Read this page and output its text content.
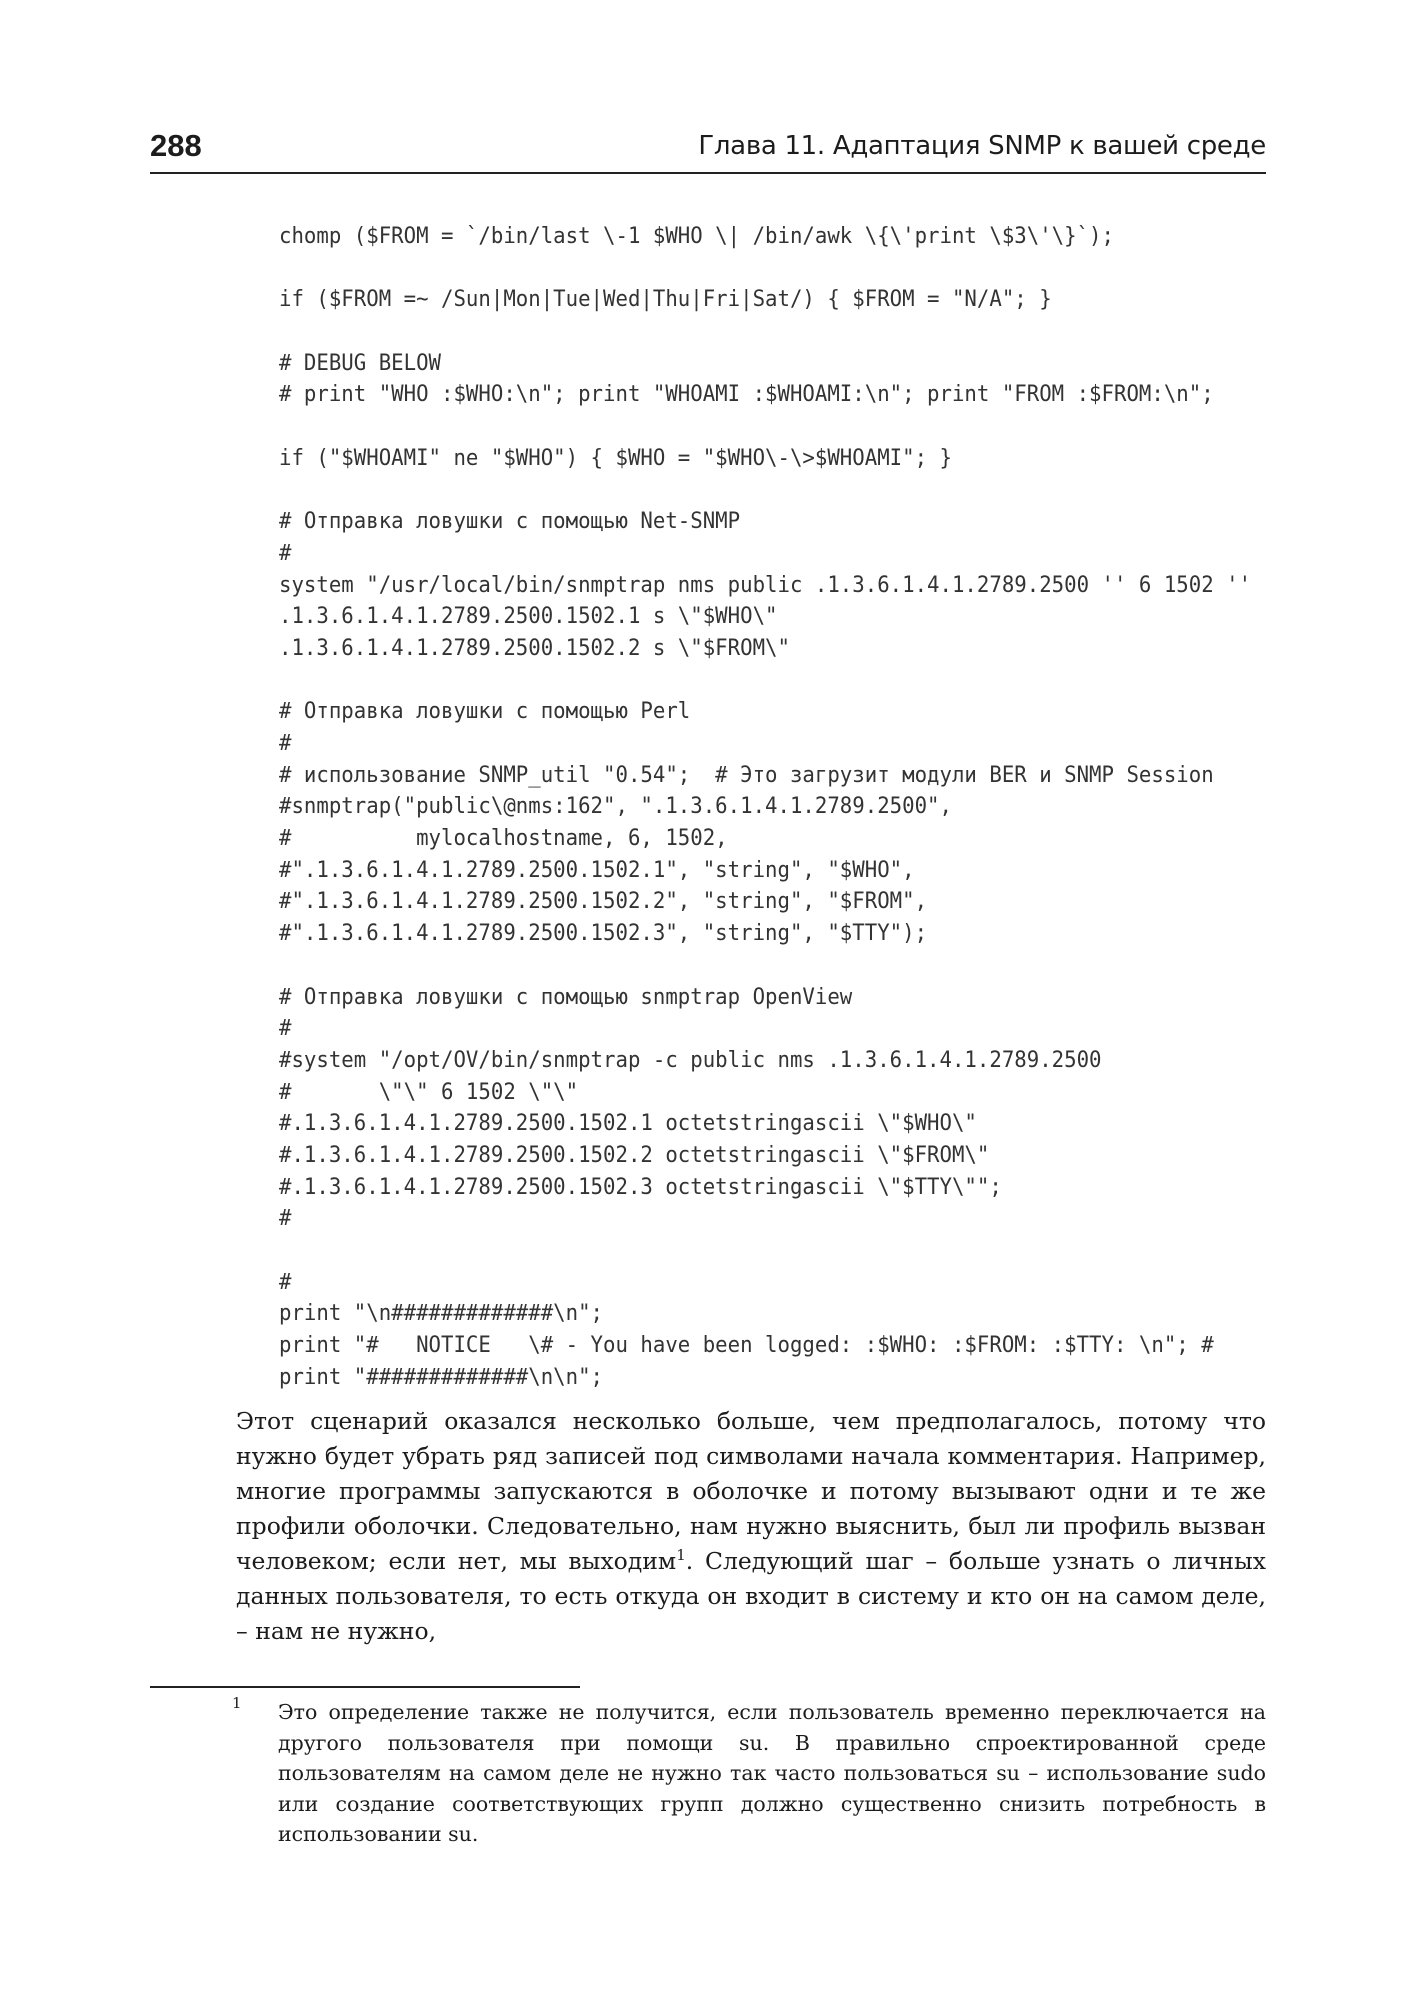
288	Глава 11. Адаптация SNMP к вашей среде
chomp ($FROM = `/bin/last \-1 $WHO \| /bin/awk \{\'print \$3\'\}`);
if ($FROM =~ /Sun|Mon|Tue|Wed|Thu|Fri|Sat/) { $FROM = "N/A"; }
# DEBUG BELOW
# print "WHO :$WHO:\n"; print "WHOAMI :$WHOAMI:\n"; print "FROM :$FROM:\n";
if ("$WHOAMI" ne "$WHO") { $WHO = "$WHO\-\>$WHOAMI"; }
# Отправка ловушки с помощью Net-SNMP
#
system "/usr/local/bin/snmptrap nms public .1.3.6.1.4.1.2789.2500 '' 6 1502 ''
.1.3.6.1.4.1.2789.2500.1502.1 s \"$WHO\"
.1.3.6.1.4.1.2789.2500.1502.2 s \"$FROM\"
# Отправка ловушки с помощью Perl
#
# использование SNMP_util "0.54";  # Это загрузит модули BER и SNMP Session
#snmptrap("public\@nms:162", ".1.3.6.1.4.1.2789.2500",
#          mylocalhostname, 6, 1502,
#".1.3.6.1.4.1.2789.2500.1502.1", "string", "$WHO",
#".1.3.6.1.4.1.2789.2500.1502.2", "string", "$FROM",
#".1.3.6.1.4.1.2789.2500.1502.3", "string", "$TTY");
# Отправка ловушки с помощью snmptrap OpenView
#
#system "/opt/OV/bin/snmptrap -c public nms .1.3.6.1.4.1.2789.2500
#       \"\" 6 1502 \"\"
#.1.3.6.1.4.1.2789.2500.1502.1 octetstringascii \"$WHO\"
#.1.3.6.1.4.1.2789.2500.1502.2 octetstringascii \"$FROM\"
#.1.3.6.1.4.1.2789.2500.1502.3 octetstringascii \"$TTY\"";
#
#
print "\n#############\n";
print "#   NOTICE   \# - You have been logged: :$WHO: :$FROM: :$TTY: \n"; #
print "#############\n\n";
Этот сценарий оказался несколько больше, чем предполагалось, потому что нужно будет убрать ряд записей под символами начала комментария. Например, многие программы запускаются в оболочке и потому вызывают одни и те же профили оболочки. Следовательно, нам нужно выяснить, был ли профиль вызван человеком; если нет, мы выходим$^1$. Следующий шаг – больше узнать о личных данных пользователя, то есть откуда он входит в систему и кто он на самом деле, – нам не нужно,
1 Это определение также не получится, если пользователь временно переключается на другого пользователя при помощи su. В правильно спроектированной среде пользователям на самом деле не нужно так часто пользоваться su – использование sudo или создание соответствующих групп должно существенно снизить потребность в использовании su.
